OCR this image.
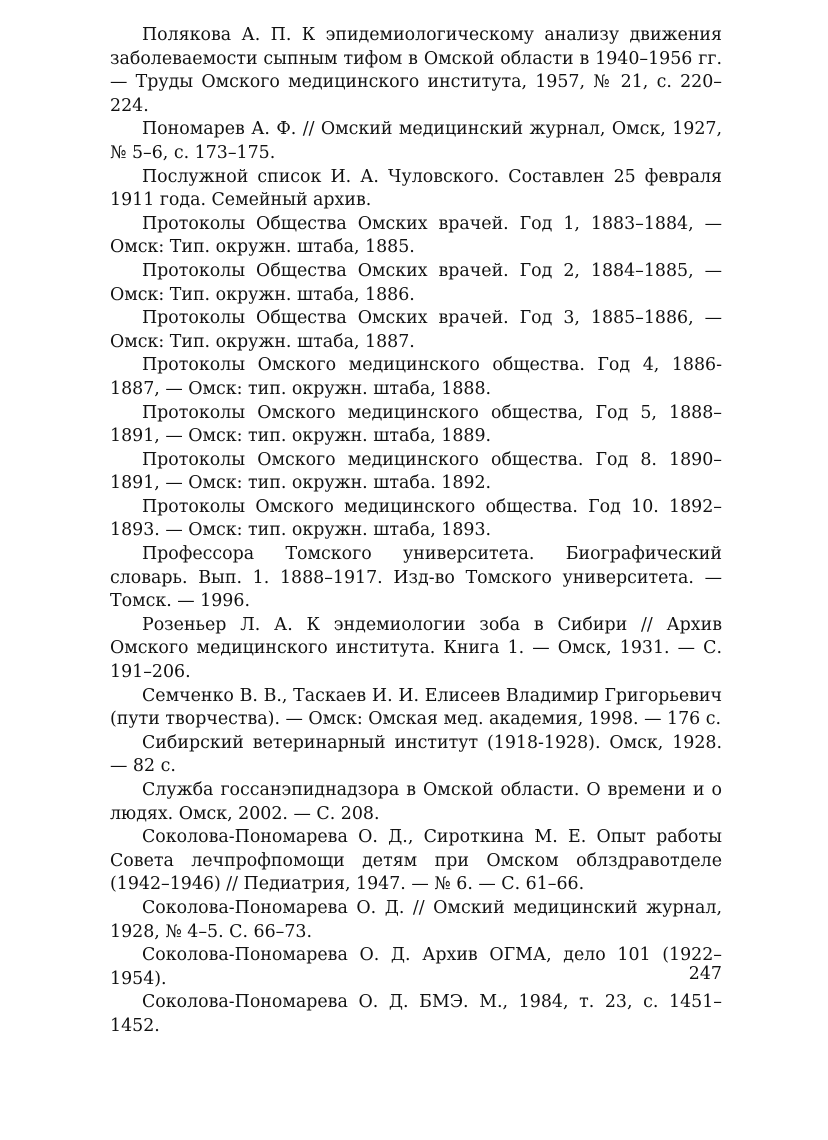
Полякова А. П. К эпидемиологическому анализу движения заболеваемости сыпным тифом в Омской области в 1940–1956 гг. — Труды Омского медицинского института, 1957, № 21, с. 220–224.

Пономарев А. Ф. // Омский медицинский журнал, Омск, 1927, № 5–6, с. 173–175.

Послужной список И. А. Чуловского. Составлен 25 февраля 1911 года. Семейный архив.

Протоколы Общества Омских врачей. Год 1, 1883–1884, — Омск: Тип. окружн. штаба, 1885.

Протоколы Общества Омских врачей. Год 2, 1884–1885, — Омск: Тип. окружн. штаба, 1886.

Протоколы Общества Омских врачей. Год 3, 1885–1886, — Омск: Тип. окружн. штаба, 1887.

Протоколы Омского медицинского общества. Год 4, 1886-1887, — Омск: тип. окружн. штаба, 1888.

Протоколы Омского медицинского общества, Год 5, 1888–1891, — Омск: тип. окружн. штаба, 1889.

Протоколы Омского медицинского общества. Год 8. 1890–1891, — Омск: тип. окружн. штаба. 1892.

Протоколы Омского медицинского общества. Год 10. 1892–1893. — Омск: тип. окружн. штаба, 1893.

Профессора Томского университета. Биографический словарь. Вып. 1. 1888–1917. Изд-во Томского университета. — Томск. — 1996.

Розеньер Л. А. К эндемиологии зоба в Сибири // Архив Омского медицинского института. Книга 1. — Омск, 1931. — С. 191–206.

Семченко В. В., Таскаев И. И. Елисеев Владимир Григорьевич (пути творчества). — Омск: Омская мед. академия, 1998. — 176 с.

Сибирский ветеринарный институт (1918-1928). Омск, 1928. — 82 с.

Служба госсанэпиднадзора в Омской области. О времени и о людях. Омск, 2002. — С. 208.

Соколова-Пономарева О. Д., Сироткина М. Е. Опыт работы Совета лечпрофпомощи детям при Омском облздравотделе (1942–1946) // Педиатрия, 1947. — № 6. — С. 61–66.

Соколова-Пономарева О. Д. // Омский медицинский журнал, 1928, № 4–5. С. 66–73.

Соколова-Пономарева О. Д. Архив ОГМА, дело 101 (1922–1954).

Соколова-Пономарева О. Д. БМЭ. М., 1984, т. 23, с. 1451–1452.

247
